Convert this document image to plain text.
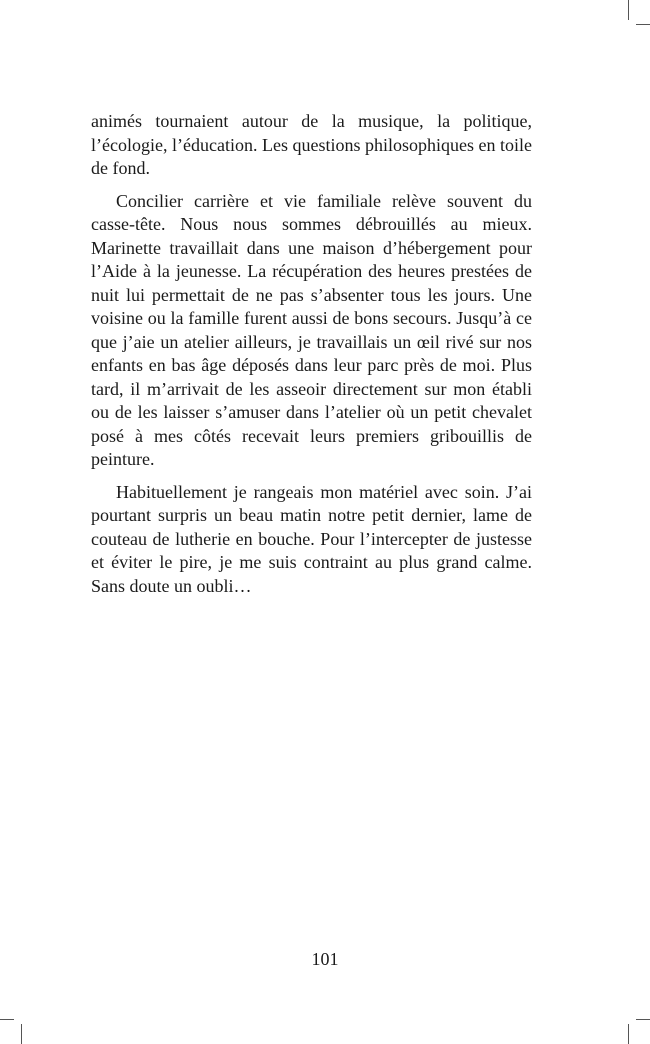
animés tournaient autour de la musique, la politique, l’écologie, l’éducation. Les questions philosophiques en toile de fond.

Concilier carrière et vie familiale relève souvent du casse-tête. Nous nous sommes débrouillés au mieux. Marinette travaillait dans une maison d’hébergement pour l’Aide à la jeunesse. La récupération des heures prestées de nuit lui permettait de ne pas s’absenter tous les jours. Une voisine ou la famille furent aussi de bons secours. Jusqu’à ce que j’aie un atelier ailleurs, je travaillais un œil rivé sur nos enfants en bas âge déposés dans leur parc près de moi. Plus tard, il m’arrivait de les asseoir directement sur mon établi ou de les laisser s’amuser dans l’atelier où un petit chevalet posé à mes côtés recevait leurs premiers gribouillis de peinture.

Habituellement je rangeais mon matériel avec soin. J’ai pourtant surpris un beau matin notre petit dernier, lame de couteau de lutherie en bouche. Pour l’intercepter de justesse et éviter le pire, je me suis contraint au plus grand calme. Sans doute un oubli…

101
